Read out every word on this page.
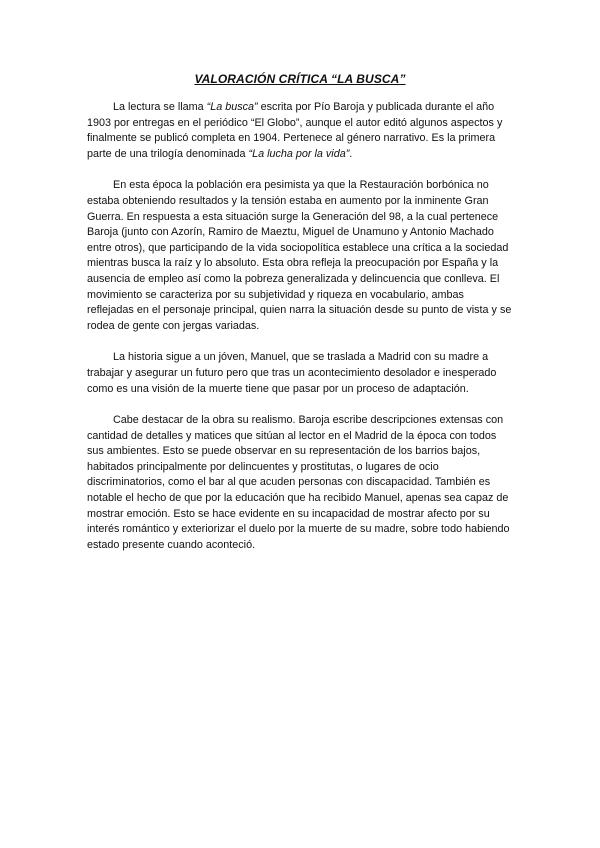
VALORACIÓN CRÍTICA “LA BUSCA”

La lectura se llama “La busca” escrita por Pío Baroja y publicada durante el año 1903 por entregas en el periódico “El Globo”, aunque el autor editó algunos aspectos y finalmente se publicó completa en 1904. Pertenece al género narrativo. Es la primera parte de una trilogía denominada “La lucha por la vida”.

En esta época la población era pesimista ya que la Restauración borbónica no estaba obteniendo resultados y la tensión estaba en aumento por la inminente Gran Guerra. En respuesta a esta situación surge la Generación del 98, a la cual pertenece Baroja (junto con Azorín, Ramiro de Maeztu, Miguel de Unamuno y Antonio Machado entre otros), que participando de la vida sociopolítica establece una crítica a la sociedad mientras busca la raíz y lo absoluto. Esta obra refleja la preocupación por España y la ausencia de empleo así como la pobreza generalizada y delincuencia que conlleva. El movimiento se caracteriza por su subjetividad y riqueza en vocabulario, ambas reflejadas en el personaje principal, quien narra la situación desde su punto de vista y se rodea de gente con jergas variadas.

La historia sigue a un jóven, Manuel, que se traslada a Madrid con su madre a trabajar y asegurar un futuro pero que tras un acontecimiento desolador e inesperado como es una visión de la muerte tiene que pasar por un proceso de adaptación.

Cabe destacar de la obra su realismo. Baroja escribe descripciones extensas con cantidad de detalles y matices que sitúan al lector en el Madrid de la época con todos sus ambientes. Esto se puede observar en su representación de los barrios bajos, habitados principalmente por delincuentes y prostitutas, o lugares de ocio discriminatorios, como el bar al que acuden personas con discapacidad. También es notable el hecho de que por la educación que ha recibido Manuel, apenas sea capaz de mostrar emoción. Esto se hace evidente en su incapacidad de mostrar afecto por su interés romántico y exteriorizar el duelo por la muerte de su madre, sobre todo habiendo estado presente cuando aconteció.
